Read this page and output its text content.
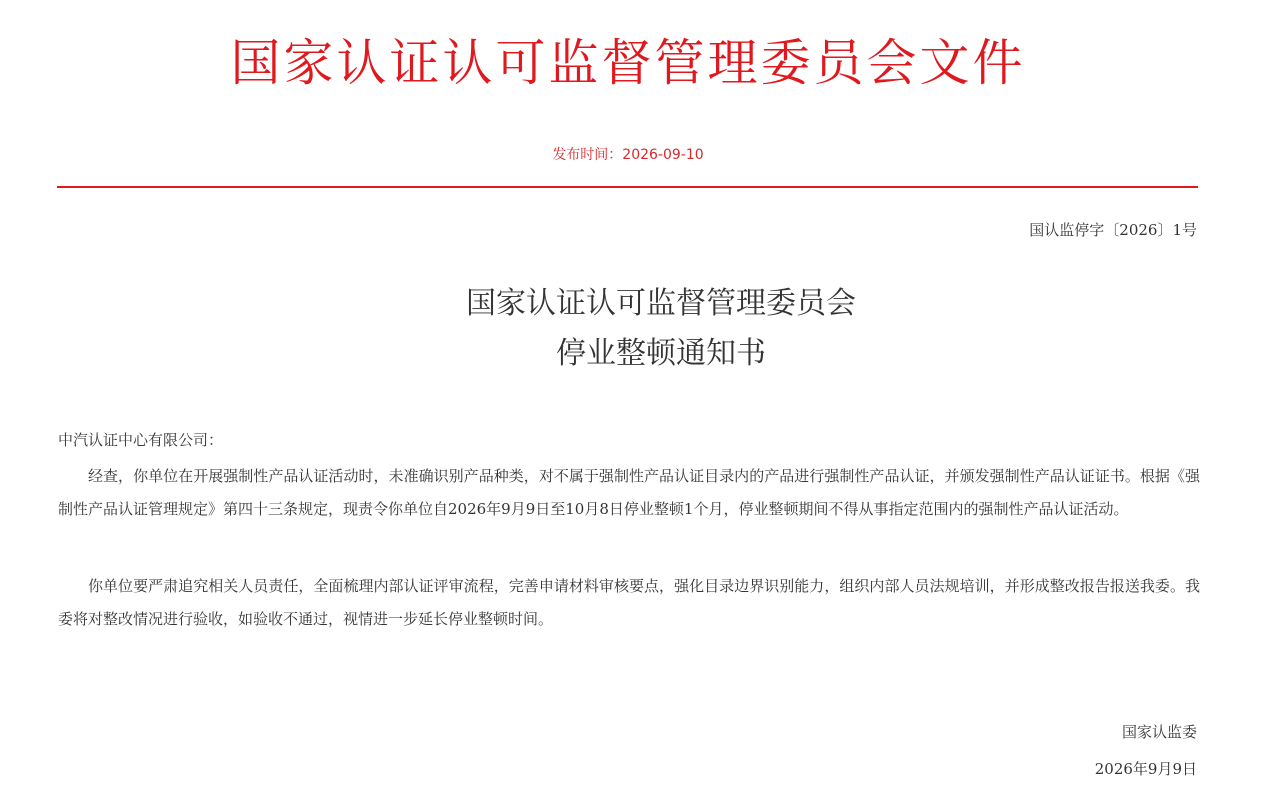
国家认证认可监督管理委员会文件
发布时间：2026-09-10
国认监停字〔2026〕1号
国家认证认可监督管理委员会
停业整顿通知书
中汽认证中心有限公司：

经查，你单位在开展强制性产品认证活动时，未准确识别产品种类，对不属于强制性产品认证目录内的产品进行强制性产品认证，并颁发强制性产品认证证书。根据《强制性产品认证管理规定》第四十三条规定，现责令你单位自2026年9月9日至10月8日停业整顿1个月，停业整顿期间不得从事指定范围内的强制性产品认证活动。

你单位要严肃追究相关人员责任，全面梳理内部认证评审流程，完善申请材料审核要点，强化目录边界识别能力，组织内部人员法规培训，并形成整改报告报送我委。我委将对整改情况进行验收，如验收不通过，视情进一步延长停业整顿时间。

国家认监委
2026年9月9日
